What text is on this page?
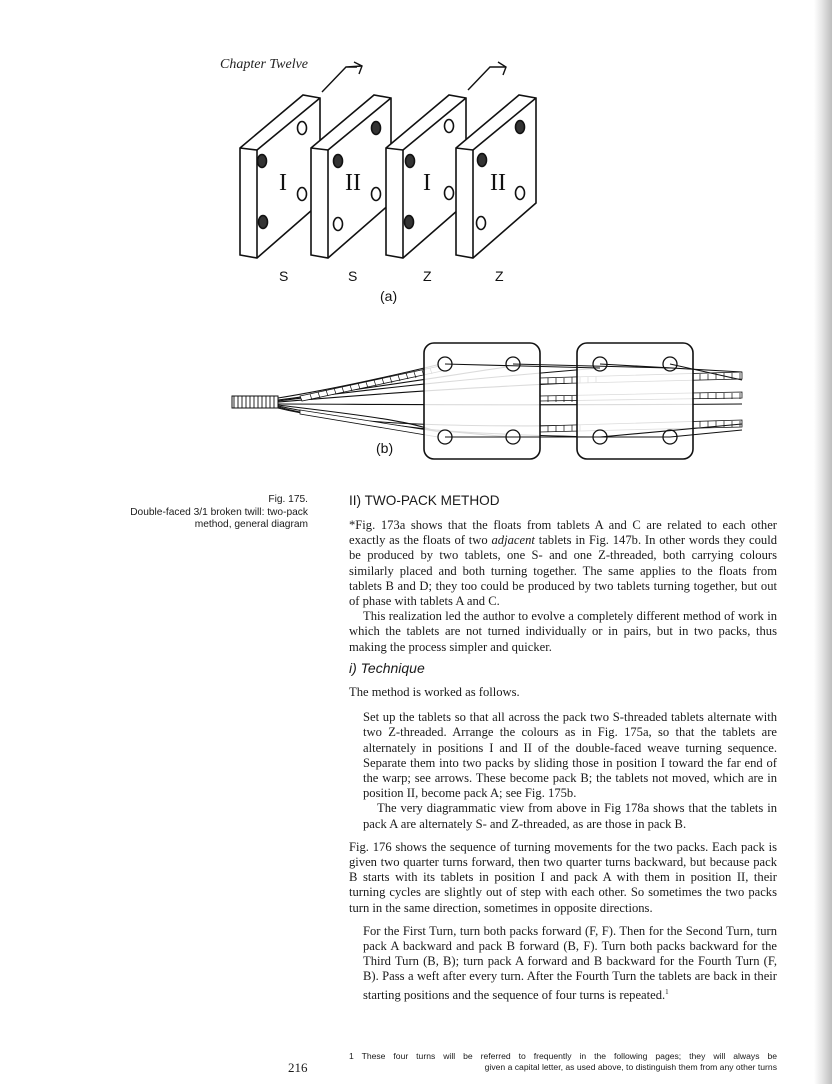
Chapter Twelve
I II	I II
S	S	Z	Z
(a)
(b)
Fig. 175.
Double-faced 3/1 broken twill: two-pack
method, general diagram
II) TWO-PACK METHOD

*Fig. 173a shows that the floats from tablets A and C are related to each other exactly as the floats of two adjacent tablets in Fig. 147b. In other words they could be produced by two tablets, one S- and one Z-threaded, both carrying colours similarly placed and both turning together. The same applies to the floats from tablets B and D; they too could be produced by two tablets turning together, but out of phase with tablets A and C.

This realization led the author to evolve a completely different method of work in which the tablets are not turned individually or in pairs, but in two packs, thus making the process simpler and quicker.

i) Technique

The method is worked as follows.

Set up the tablets so that all across the pack two S-threaded tablets alternate with two Z-threaded. Arrange the colours as in Fig. 175a, so that the tablets are alternately in positions I and II of the double-faced weave turning sequence. Separate them into two packs by sliding those in position I toward the far end of the warp; see arrows. These become pack B; the tablets not moved, which are in position II, become pack A; see Fig. 175b.

The very diagrammatic view from above in Fig 178a shows that the tablets in pack A are alternately S- and Z-threaded, as are those in pack B.

Fig. 176 shows the sequence of turning movements for the two packs. Each pack is given two quarter turns forward, then two quarter turns backward, but because pack B starts with its tablets in position I and pack A with them in position II, their turning cycles are slightly out of step with each other. So sometimes the two packs turn in the same direction, sometimes in opposite directions.

For the First Turn, turn both packs forward (F, F). Then for the Second Turn, turn pack A backward and pack B forward (B, F). Turn both packs backward for the Third Turn (B, B); turn pack A forward and B backward for the Fourth Turn (F, B). Pass a weft after every turn. After the Fourth Turn the tablets are back in their starting positions and the sequence of four turns is repeated.$^1$

216
1 These four turns will be referred to frequently in the following pages; they will always be
given a capital letter, as used above, to distinguish them from any other turns
